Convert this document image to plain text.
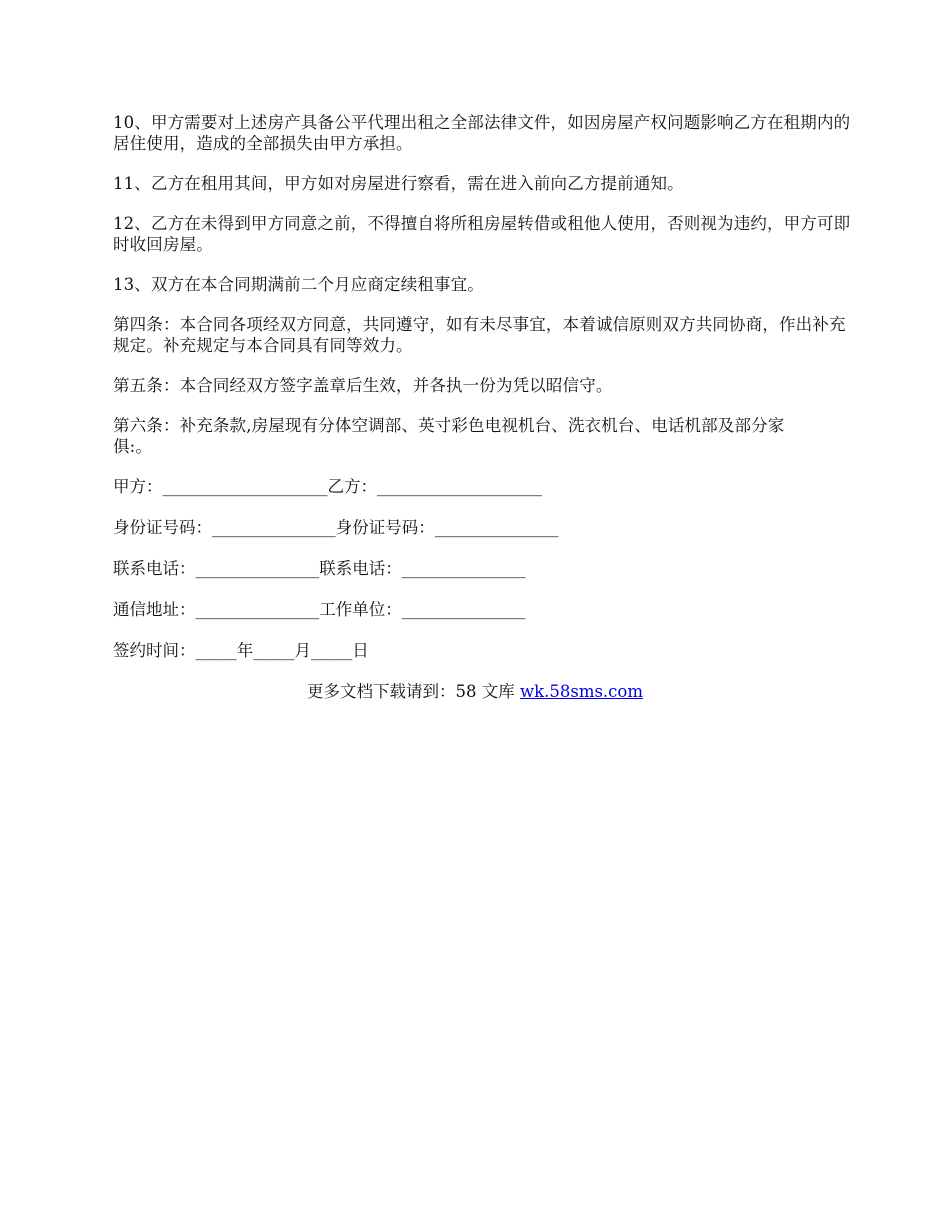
10、甲方需要对上述房产具备公平代理出租之全部法律文件，如因房屋产权问题影响乙方在租期内的居住使用，造成的全部损失由甲方承担。

11、乙方在租用其间，甲方如对房屋进行察看，需在进入前向乙方提前通知。

12、乙方在未得到甲方同意之前，不得擅自将所租房屋转借或租他人使用，否则视为违约，甲方可即时收回房屋。

13、双方在本合同期满前二个月应商定续租事宜。

第四条：本合同各项经双方同意，共同遵守，如有未尽事宜，本着诚信原则双方共同协商，作出补充规定。补充规定与本合同具有同等效力。

第五条：本合同经双方签字盖章后生效，并各执一份为凭以昭信守。

第六条：补充条款,房屋现有分体空调部、英寸彩色电视机台、洗衣机台、电话机部及部分家俱:。

甲方：____________________乙方：____________________
身份证号码：_______________身份证号码：_______________
联系电话：_______________联系电话：_______________
通信地址：_______________工作单位：_______________
签约时间：_____年_____月_____日
更多文档下载请到：58 文库 wk.58sms.com
